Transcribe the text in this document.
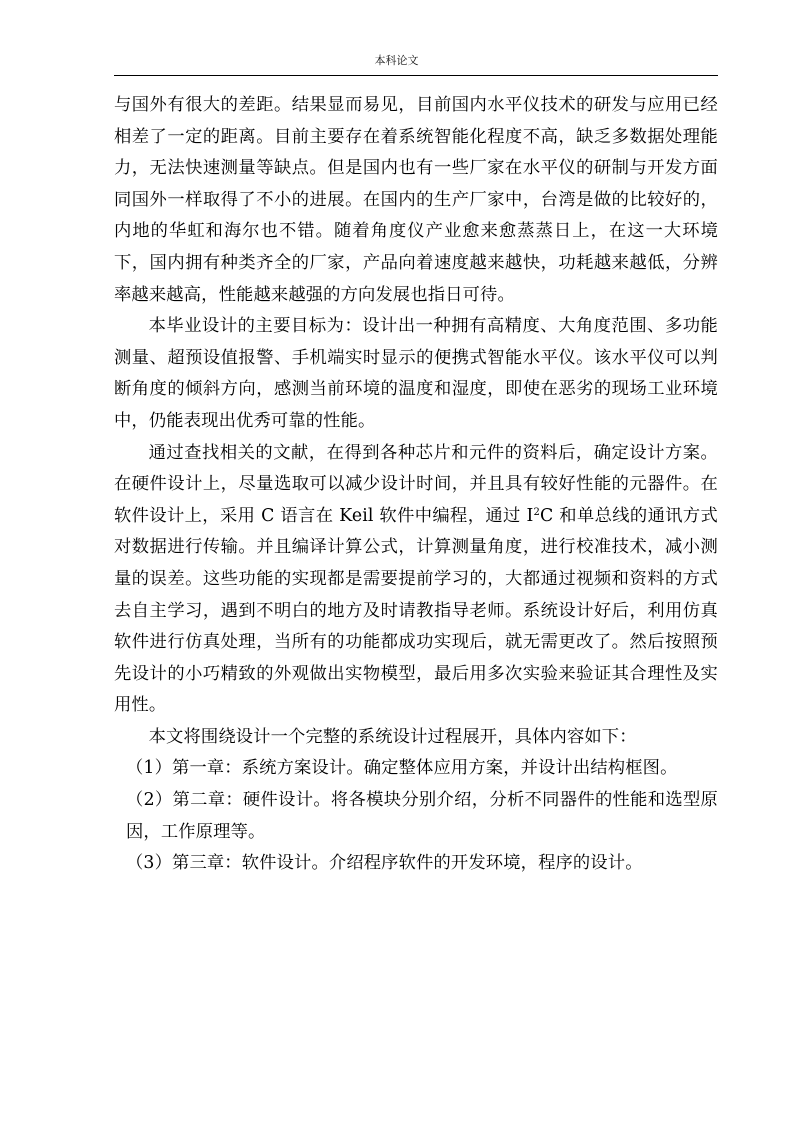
本科论文

与国外有很大的差距。结果显而易见，目前国内水平仪技术的研发与应用已经相差了一定的距离。目前主要存在着系统智能化程度不高，缺乏多数据处理能力，无法快速测量等缺点。但是国内也有一些厂家在水平仪的研制与开发方面同国外一样取得了不小的进展。在国内的生产厂家中，台湾是做的比较好的，内地的华虹和海尔也不错。随着角度仪产业愈来愈蒸蒸日上，在这一大环境下，国内拥有种类齐全的厂家，产品向着速度越来越快，功耗越来越低，分辨率越来越高，性能越来越强的方向发展也指日可待。

本毕业设计的主要目标为：设计出一种拥有高精度、大角度范围、多功能测量、超预设值报警、手机端实时显示的便携式智能水平仪。该水平仪可以判断角度的倾斜方向，感测当前环境的温度和湿度，即使在恶劣的现场工业环境中，仍能表现出优秀可靠的性能。

通过查找相关的文献，在得到各种芯片和元件的资料后，确定设计方案。在硬件设计上，尽量选取可以减少设计时间，并且具有较好性能的元器件。在软件设计上，采用 C 语言在 Keil 软件中编程，通过 $I^2C$ 和单总线的通讯方式对数据进行传输。并且编译计算公式，计算测量角度，进行校准技术，减小测量的误差。这些功能的实现都是需要提前学习的，大都通过视频和资料的方式去自主学习，遇到不明白的地方及时请教指导老师。系统设计好后，利用仿真软件进行仿真处理，当所有的功能都成功实现后，就无需更改了。然后按照预先设计的小巧精致的外观做出实物模型，最后用多次实验来验证其合理性及实用性。

本文将围绕设计一个完整的系统设计过程展开，具体内容如下：

（1）第一章：系统方案设计。确定整体应用方案，并设计出结构框图。

（2）第二章：硬件设计。将各模块分别介绍，分析不同器件的性能和选型原因，工作原理等。

（3）第三章：软件设计。介绍程序软件的开发环境，程序的设计。
